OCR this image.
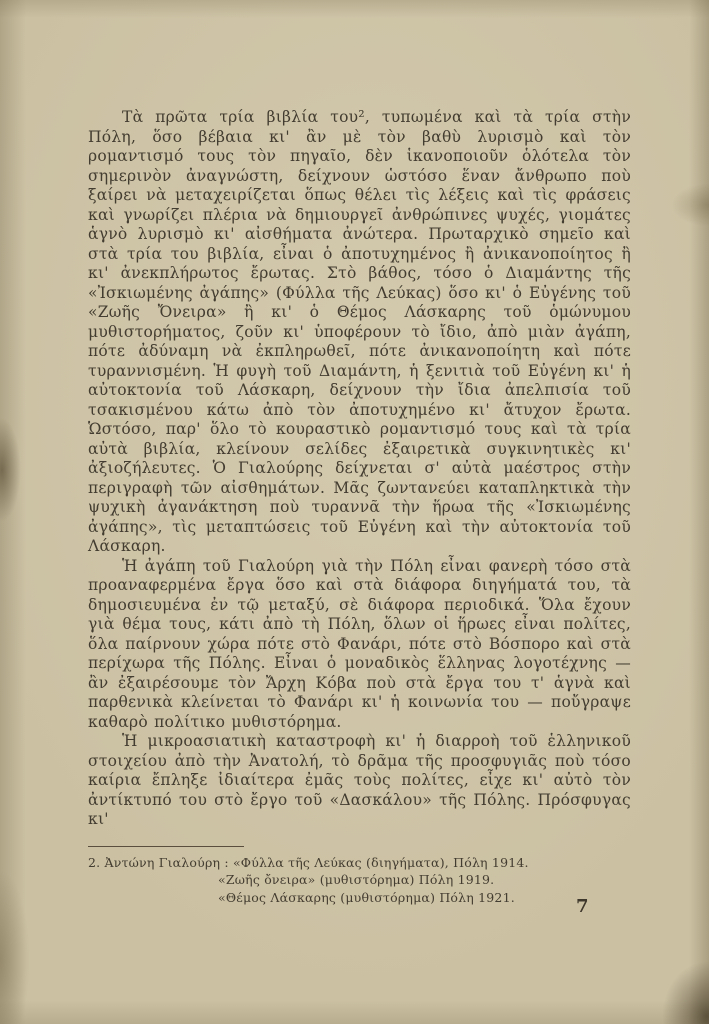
Τὰ πρῶτα τρία βιβλία του², τυπωμένα καὶ τὰ τρία στὴν Πόλη, ὅσο βέβαια κι' ἂν μὲ τὸν βαθὺ λυρισμὸ καὶ τὸν ρομαντισμό τους τὸν πηγαῖο, δὲν ἱκανοποιοῦν ὁλότελα τὸν σημερινὸν ἀναγνώστη, δείχνουν ὡστόσο ἕναν ἄνθρωπο ποὺ ξαίρει νὰ μεταχειρίζεται ὅπως θέλει τὶς λέξεις καὶ τὶς φράσεις καὶ γνωρίζει πλέρια νὰ δημιουργεῖ ἀνθρώπινες ψυχές, γιομάτες ἁγνὸ λυρισμὸ κι' αἰσθήματα ἀνώτερα. Πρωταρχικὸ σημεῖο καὶ στὰ τρία του βιβλία, εἶναι ὁ ἀποτυχημένος ἢ ἀνικανοποίητος ἢ κι' ἀνεκπλήρωτος ἔρωτας. Στὸ βάθος, τόσο ὁ Διαμάντης τῆς «Ἰσκιωμένης ἀγάπης» (Φύλλα τῆς Λεύκας) ὅσο κι' ὁ Εὐγένης τοῦ «Ζωῆς Ὄνειρα» ἢ κι' ὁ Θέμος Λάσκαρης τοῦ ὁμώνυμου μυθιστορήματος, ζοῦν κι' ὑποφέρουν τὸ ἴδιο, ἀπὸ μιὰν ἀγάπη, πότε ἀδύναμη νὰ ἐκπληρωθεῖ, πότε ἀνικανοποίητη καὶ πότε τυραννισμένη. Ἡ φυγὴ τοῦ Διαμάντη, ἡ ξενιτιὰ τοῦ Εὐγένη κι' ἡ αὐτοκτονία τοῦ Λάσκαρη, δείχνουν τὴν ἴδια ἀπελπισία τοῦ τσακισμένου κάτω ἀπὸ τὸν ἀποτυχημένο κι' ἄτυχον ἔρωτα. Ὡστόσο, παρ' ὅλο τὸ κουραστικὸ ρομαντισμό τους καὶ τὰ τρία αὐτὰ βιβλία, κλείνουν σελίδες ἐξαιρετικὰ συγκινητικὲς κι' ἀξιοζήλευτες. Ὁ Γιαλούρης δείχνεται σ' αὐτὰ μαέστρος στὴν περιγραφὴ τῶν αἰσθημάτων. Μᾶς ζωντανεύει καταπληκτικὰ τὴν ψυχικὴ ἀγανάκτηση ποὺ τυραννᾶ τὴν ἥρωα τῆς «Ἰσκιωμένης ἀγάπης», τὶς μεταπτώσεις τοῦ Εὐγένη καὶ τὴν αὐτοκτονία τοῦ Λάσκαρη.

Ἡ ἀγάπη τοῦ Γιαλούρη γιὰ τὴν Πόλη εἶναι φανερὴ τόσο στὰ προαναφερμένα ἔργα ὅσο καὶ στὰ διάφορα διηγήματά του, τὰ δημοσιευμένα ἐν τῷ μεταξύ, σὲ διάφορα περιοδικά. Ὅλα ἔχουν γιὰ θέμα τους, κάτι ἀπὸ τὴ Πόλη, ὅλων οἱ ἥρωες εἶναι πολίτες, ὅλα παίρνουν χώρα πότε στὸ Φανάρι, πότε στὸ Βόσπορο καὶ στὰ περίχωρα τῆς Πόλης. Εἶναι ὁ μοναδικὸς ἕλληνας λογοτέχνης — ἂν ἐξαιρέσουμε τὸν Ἄρχη Κόβα ποὺ στὰ ἔργα του τ' ἁγνὰ καὶ παρθενικὰ κλείνεται τὸ Φανάρι κι' ἡ κοινωνία του — ποὔγραψε καθαρὸ πολίτικο μυθιστόρημα.

Ἡ μικροασιατικὴ καταστροφὴ κι' ἡ διαρροὴ τοῦ ἑλληνικοῦ στοιχείου ἀπὸ τὴν Ἀνατολή, τὸ δρᾶμα τῆς προσφυγιᾶς ποὺ τόσο καίρια ἔπληξε ἰδιαίτερα ἐμᾶς τοὺς πολίτες, εἶχε κι' αὐτὸ τὸν ἀντίκτυπό του στὸ ἔργο τοῦ «Δασκάλου» τῆς Πόλης. Πρόσφυγας κι'

2. Ἀντώνη Γιαλούρη : «Φύλλα τῆς Λεύκας (διηγήματα), Πόλη 1914.
«Ζωῆς ὄνειρα» (μυθιστόρημα) Πόλη 1919.
«Θέμος Λάσκαρης (μυθιστόρημα) Πόλη 1921.	7
